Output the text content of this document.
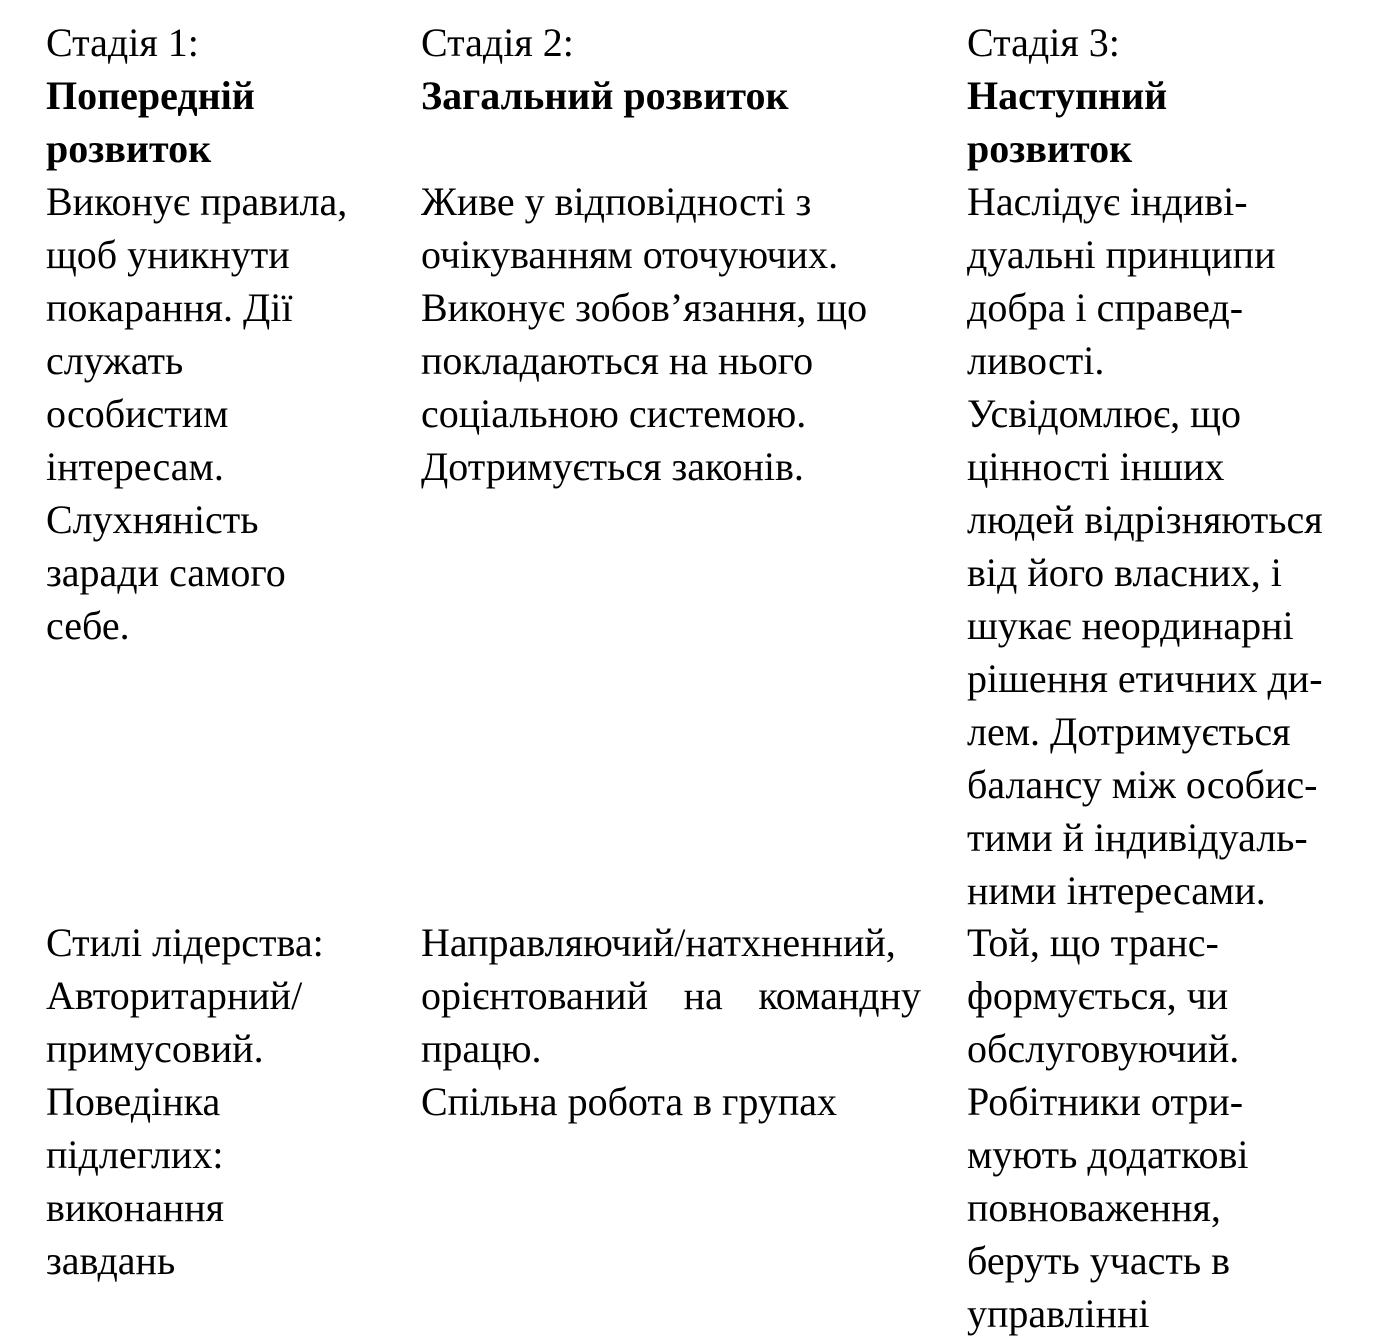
Стадія 1:
Попередній
розвиток
Виконує правила,
щоб уникнути
покарання. Дії
служать
особистим
інтересам.
Слухняність
заради самого
себе.
Стадія 2:
Загальний розвиток
Живе у відповідності з
очікуванням оточуючих.
Виконує зобов’язання, що
покладаються на нього
соціальною системою.
Дотримується законів.
Стадія 3:
Наступний
розвиток
Наслідує індиві-
дуальні принципи
добра і справед-
ливості.
Усвідомлює, що
цінності інших
людей відрізняються
від його власних, і
шукає неординарні
рішення етичних ди-
лем. Дотримується
балансу між особис-
тими й індивідуаль-
ними інтересами.
Стилі лідерства:
Авторитарний/
примусовий.
Поведінка
підлеглих:
виконання
завдань
Направляючий/натхненний,
орієнтований на командну
працю.
Спільна робота в групах
Той, що транс-
формується, чи
обслуговуючий.
Робітники отри-
мують додаткові
повноваження,
беруть участь в
управлінні
